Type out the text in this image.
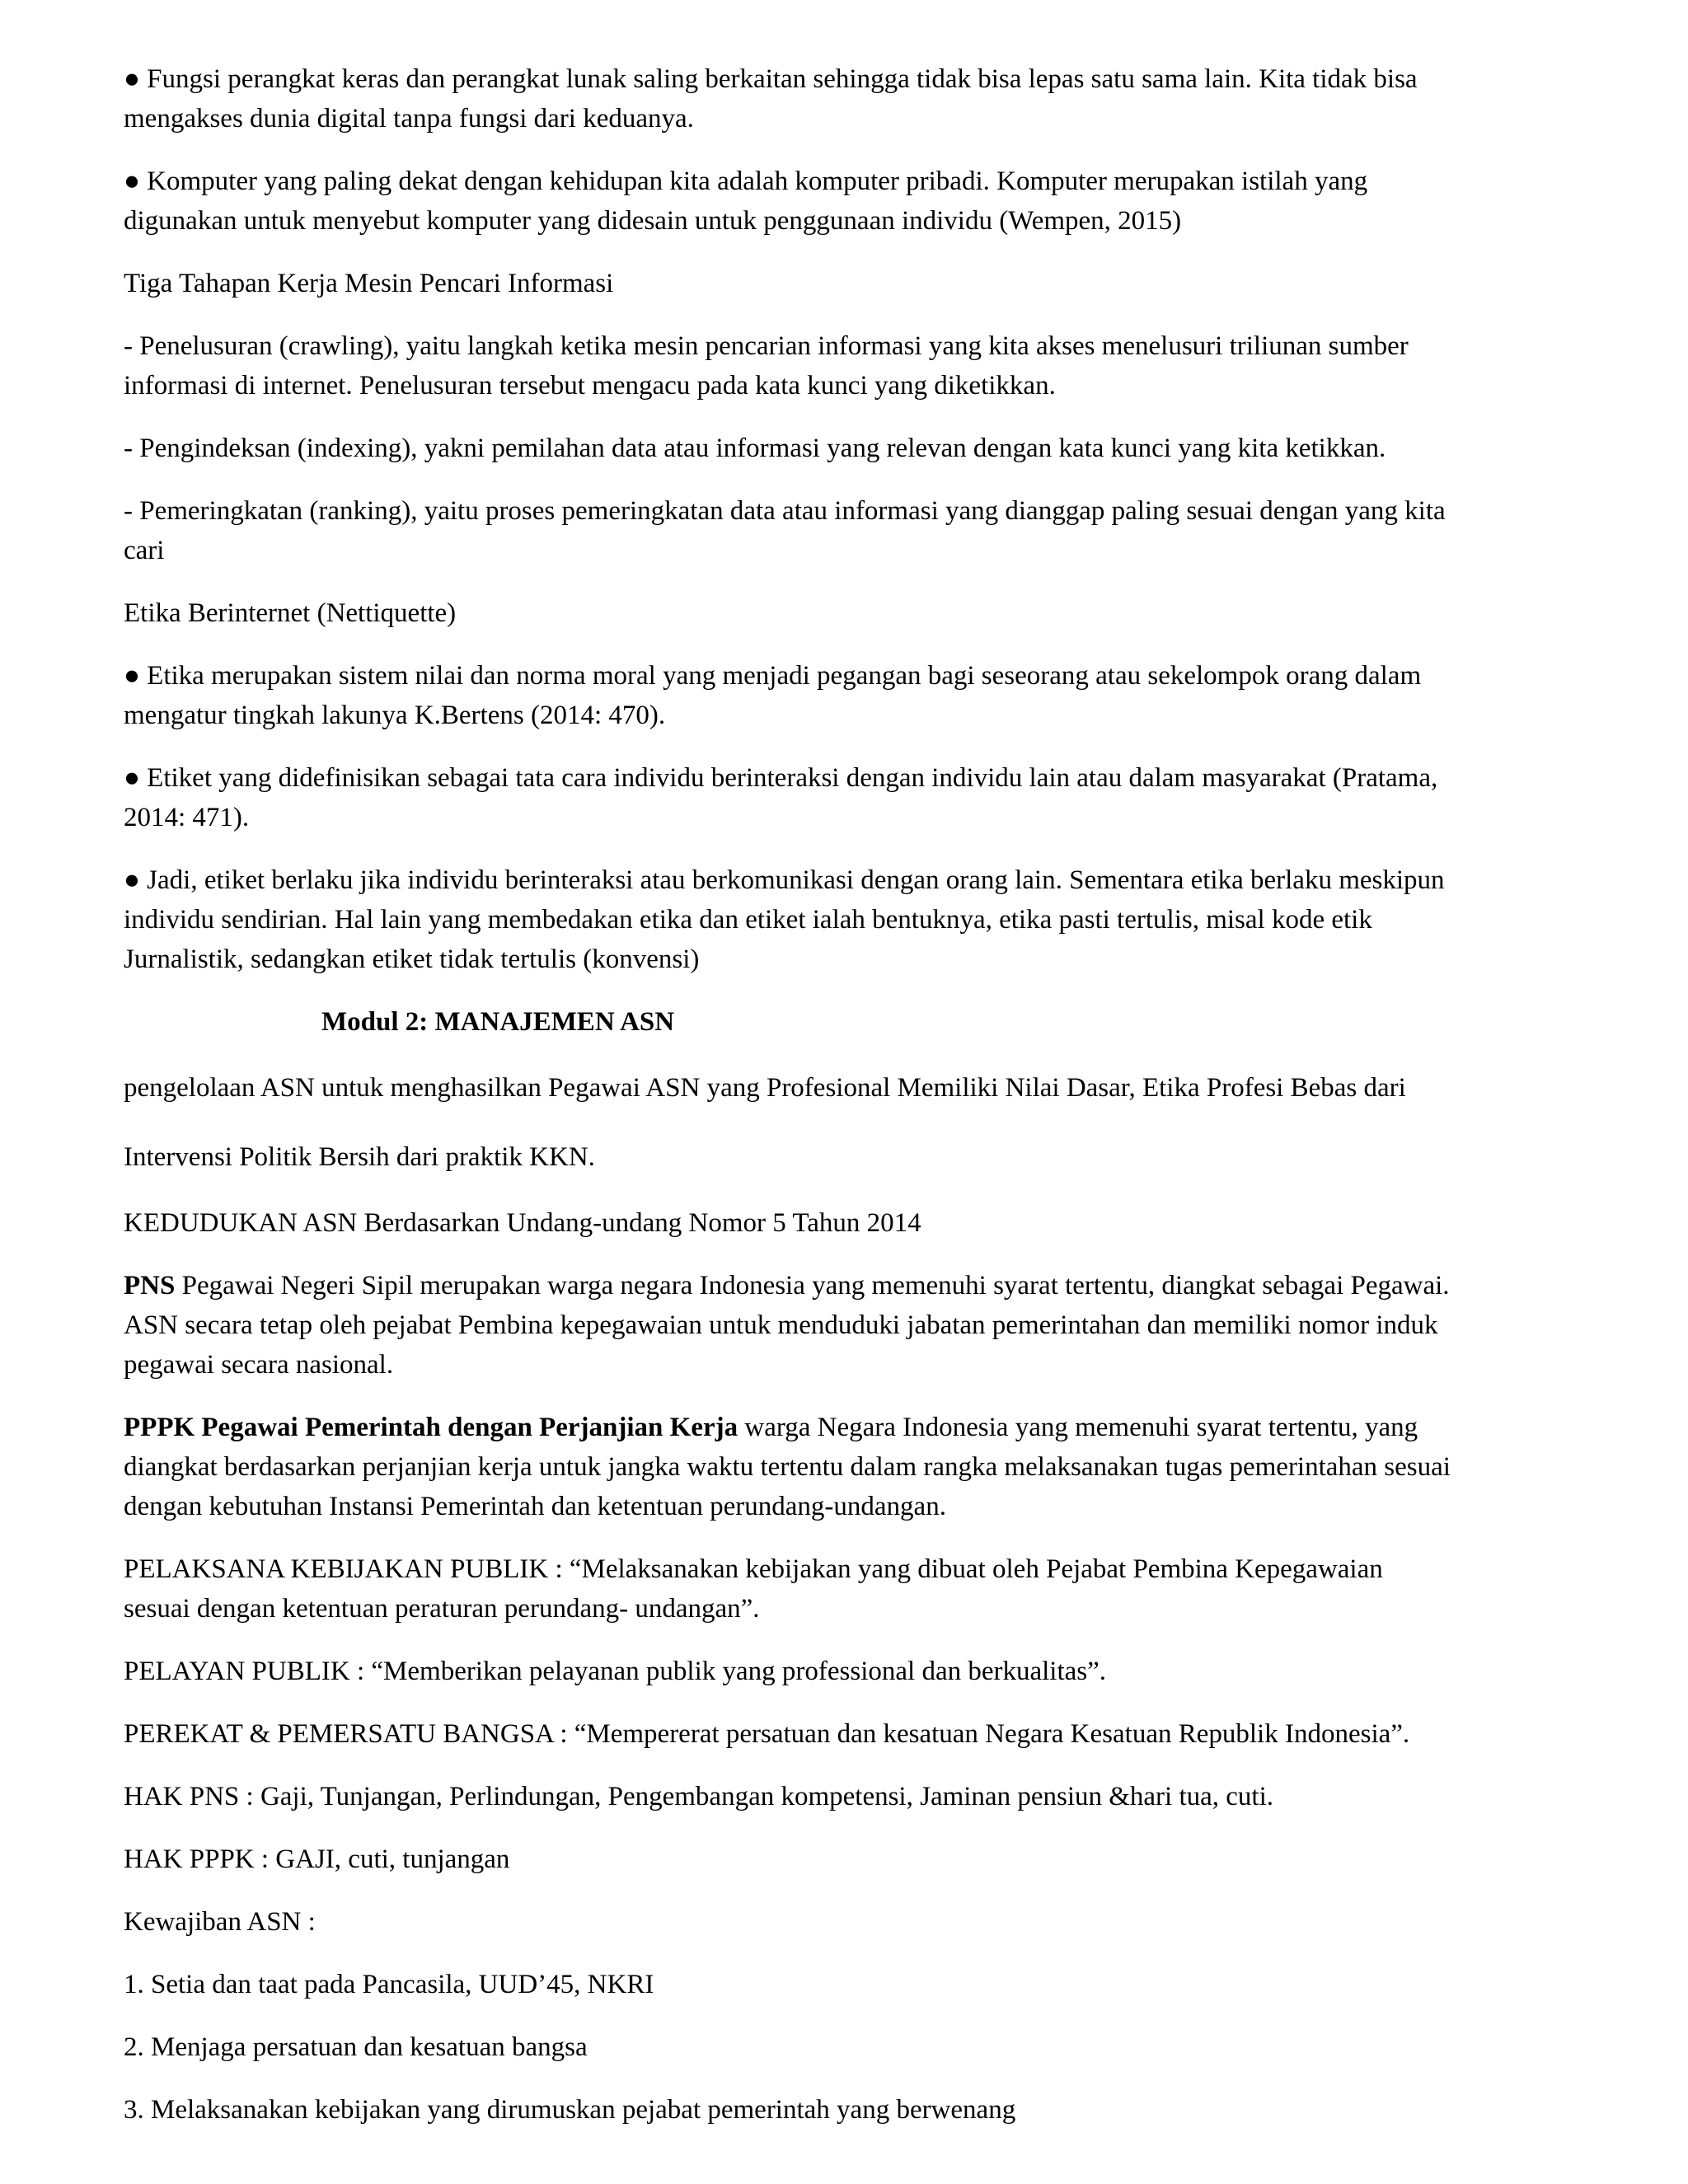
● Fungsi perangkat keras dan perangkat lunak saling berkaitan sehingga tidak bisa lepas satu sama lain. Kita tidak bisa
mengakses dunia digital tanpa fungsi dari keduanya.
● Komputer yang paling dekat dengan kehidupan kita adalah komputer pribadi. Komputer merupakan istilah yang
digunakan untuk menyebut komputer yang didesain untuk penggunaan individu (Wempen, 2015)
Tiga Tahapan Kerja Mesin Pencari Informasi
- Penelusuran (crawling), yaitu langkah ketika mesin pencarian informasi yang kita akses menelusuri triliunan sumber
informasi di internet. Penelusuran tersebut mengacu pada kata kunci yang diketikkan.
- Pengindeksan (indexing), yakni pemilahan data atau informasi yang relevan dengan kata kunci yang kita ketikkan.
- Pemeringkatan (ranking), yaitu proses pemeringkatan data atau informasi yang dianggap paling sesuai dengan yang kita
cari
Etika Berinternet (Nettiquette)
● Etika merupakan sistem nilai dan norma moral yang menjadi pegangan bagi seseorang atau sekelompok orang dalam
mengatur tingkah lakunya K.Bertens (2014: 470).
● Etiket yang didefinisikan sebagai tata cara individu berinteraksi dengan individu lain atau dalam masyarakat (Pratama,
2014: 471).
● Jadi, etiket berlaku jika individu berinteraksi atau berkomunikasi dengan orang lain. Sementara etika berlaku meskipun
individu sendirian. Hal lain yang membedakan etika dan etiket ialah bentuknya, etika pasti tertulis, misal kode etik
Jurnalistik, sedangkan etiket tidak tertulis (konvensi)
Modul 2: MANAJEMEN ASN
pengelolaan ASN untuk menghasilkan Pegawai ASN yang Profesional Memiliki Nilai Dasar, Etika Profesi Bebas dari
Intervensi Politik Bersih dari praktik KKN.
KEDUDUKAN ASN Berdasarkan Undang-undang Nomor 5 Tahun 2014
PNS Pegawai Negeri Sipil merupakan warga negara Indonesia yang memenuhi syarat tertentu, diangkat sebagai Pegawai.
ASN secara tetap oleh pejabat Pembina kepegawaian untuk menduduki jabatan pemerintahan dan memiliki nomor induk
pegawai secara nasional.
PPPK Pegawai Pemerintah dengan Perjanjian Kerja warga Negara Indonesia yang memenuhi syarat tertentu, yang
diangkat berdasarkan perjanjian kerja untuk jangka waktu tertentu dalam rangka melaksanakan tugas pemerintahan sesuai
dengan kebutuhan Instansi Pemerintah dan ketentuan perundang-undangan.
PELAKSANA KEBIJAKAN PUBLIK : “Melaksanakan kebijakan yang dibuat oleh Pejabat Pembina Kepegawaian
sesuai dengan ketentuan peraturan perundang- undangan”.
PELAYAN PUBLIK : “Memberikan pelayanan publik yang professional dan berkualitas”.
PEREKAT & PEMERSATU BANGSA : “Mempererat persatuan dan kesatuan Negara Kesatuan Republik Indonesia”.
HAK PNS : Gaji, Tunjangan, Perlindungan, Pengembangan kompetensi, Jaminan pensiun &hari tua, cuti.
HAK PPPK : GAJI, cuti, tunjangan
Kewajiban ASN :
1. Setia dan taat pada Pancasila, UUD’45, NKRI
2. Menjaga persatuan dan kesatuan bangsa
3. Melaksanakan kebijakan yang dirumuskan pejabat pemerintah yang berwenang
